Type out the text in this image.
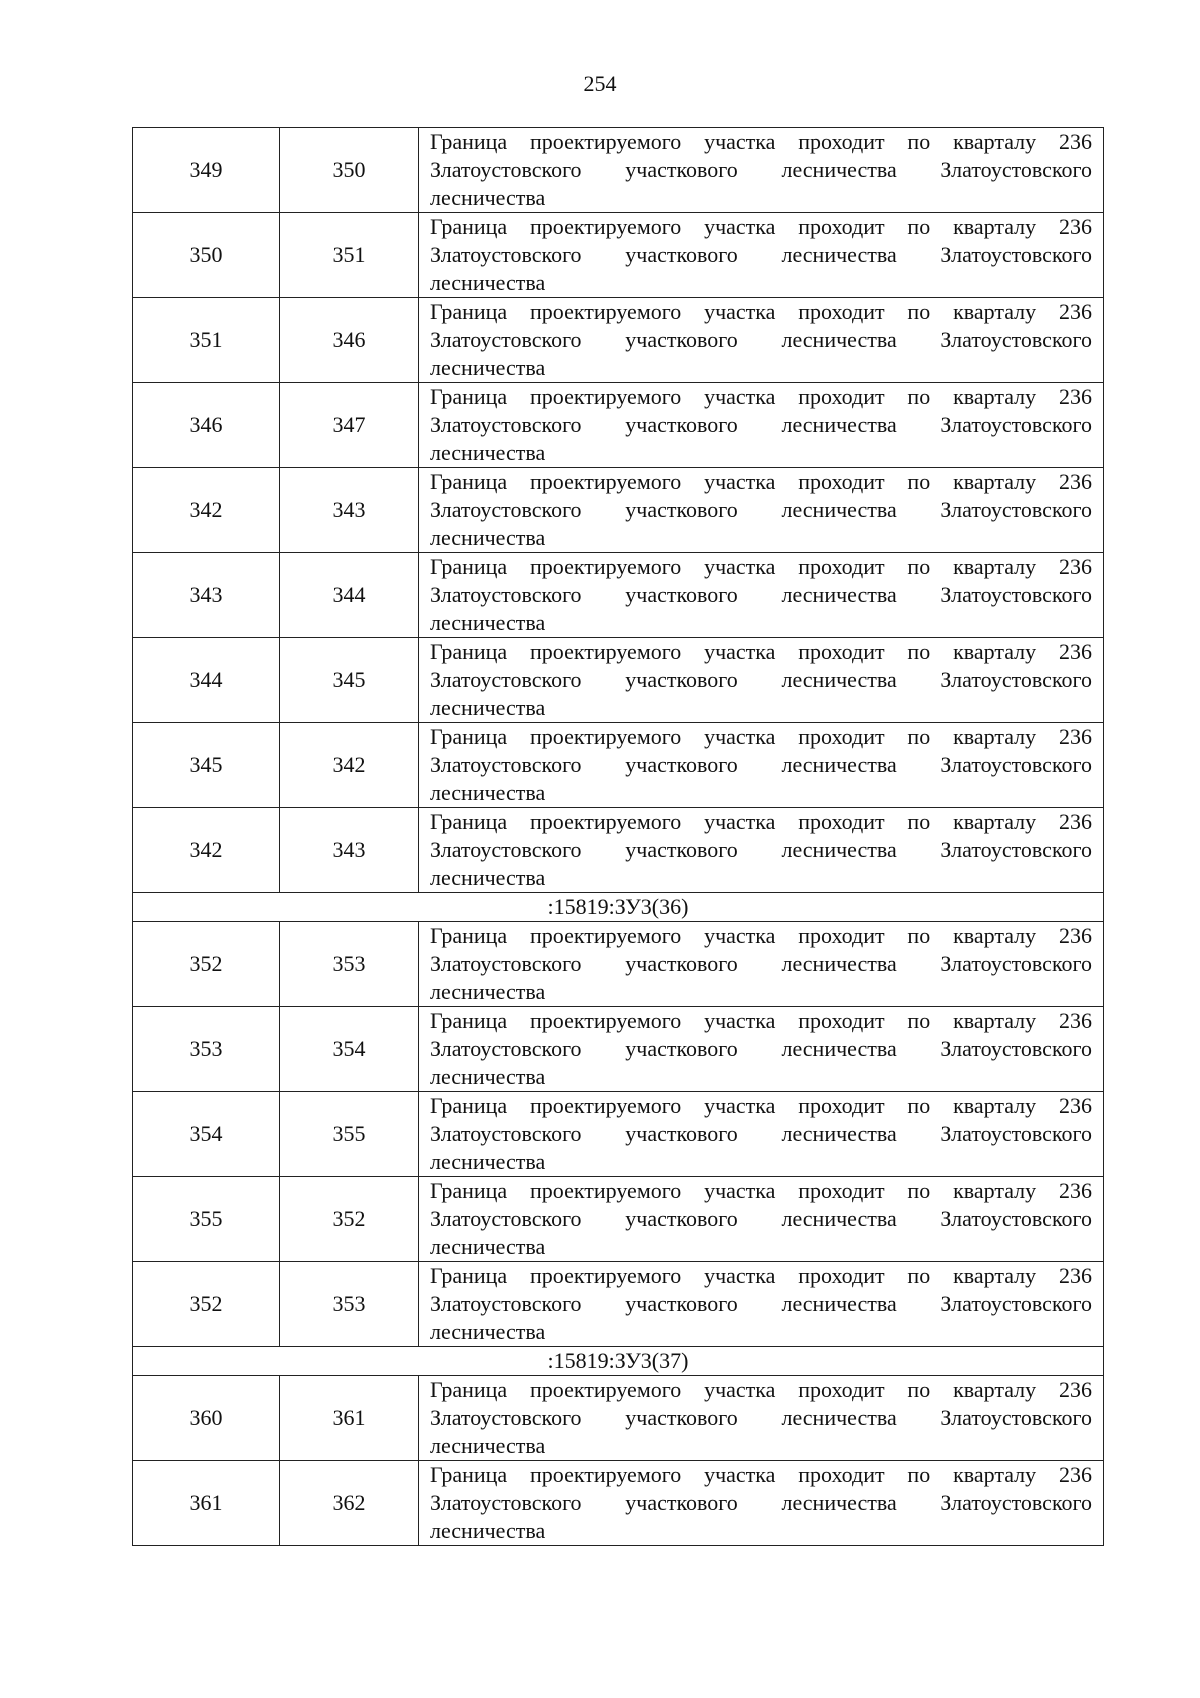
254
349	350	Граница проектируемого участка проходит по кварталу 236 Златоустовского участкового лесничества Златоустовского лесничества
350	351	Граница проектируемого участка проходит по кварталу 236 Златоустовского участкового лесничества Златоустовского лесничества
351	346	Граница проектируемого участка проходит по кварталу 236 Златоустовского участкового лесничества Златоустовского лесничества
346	347	Граница проектируемого участка проходит по кварталу 236 Златоустовского участкового лесничества Златоустовского лесничества
342	343	Граница проектируемого участка проходит по кварталу 236 Златоустовского участкового лесничества Златоустовского лесничества
343	344	Граница проектируемого участка проходит по кварталу 236 Златоустовского участкового лесничества Златоустовского лесничества
344	345	Граница проектируемого участка проходит по кварталу 236 Златоустовского участкового лесничества Златоустовского лесничества
345	342	Граница проектируемого участка проходит по кварталу 236 Златоустовского участкового лесничества Златоустовского лесничества
342	343	Граница проектируемого участка проходит по кварталу 236 Златоустовского участкового лесничества Златоустовского лесничества
:15819:ЗУ3(36)		
352	353	Граница проектируемого участка проходит по кварталу 236 Златоустовского участкового лесничества Златоустовского лесничества
353	354	Граница проектируемого участка проходит по кварталу 236 Златоустовского участкового лесничества Златоустовского лесничества
354	355	Граница проектируемого участка проходит по кварталу 236 Златоустовского участкового лесничества Златоустовского лесничества
355	352	Граница проектируемого участка проходит по кварталу 236 Златоустовского участкового лесничества Златоустовского лесничества
352	353	Граница проектируемого участка проходит по кварталу 236 Златоустовского участкового лесничества Златоустовского лесничества
:15819:ЗУ3(37)		
360	361	Граница проектируемого участка проходит по кварталу 236 Златоустовского участкового лесничества Златоустовского лесничества
361	362	Граница проектируемого участка проходит по кварталу 236 Златоустовского участкового лесничества Златоустовского лесничества
